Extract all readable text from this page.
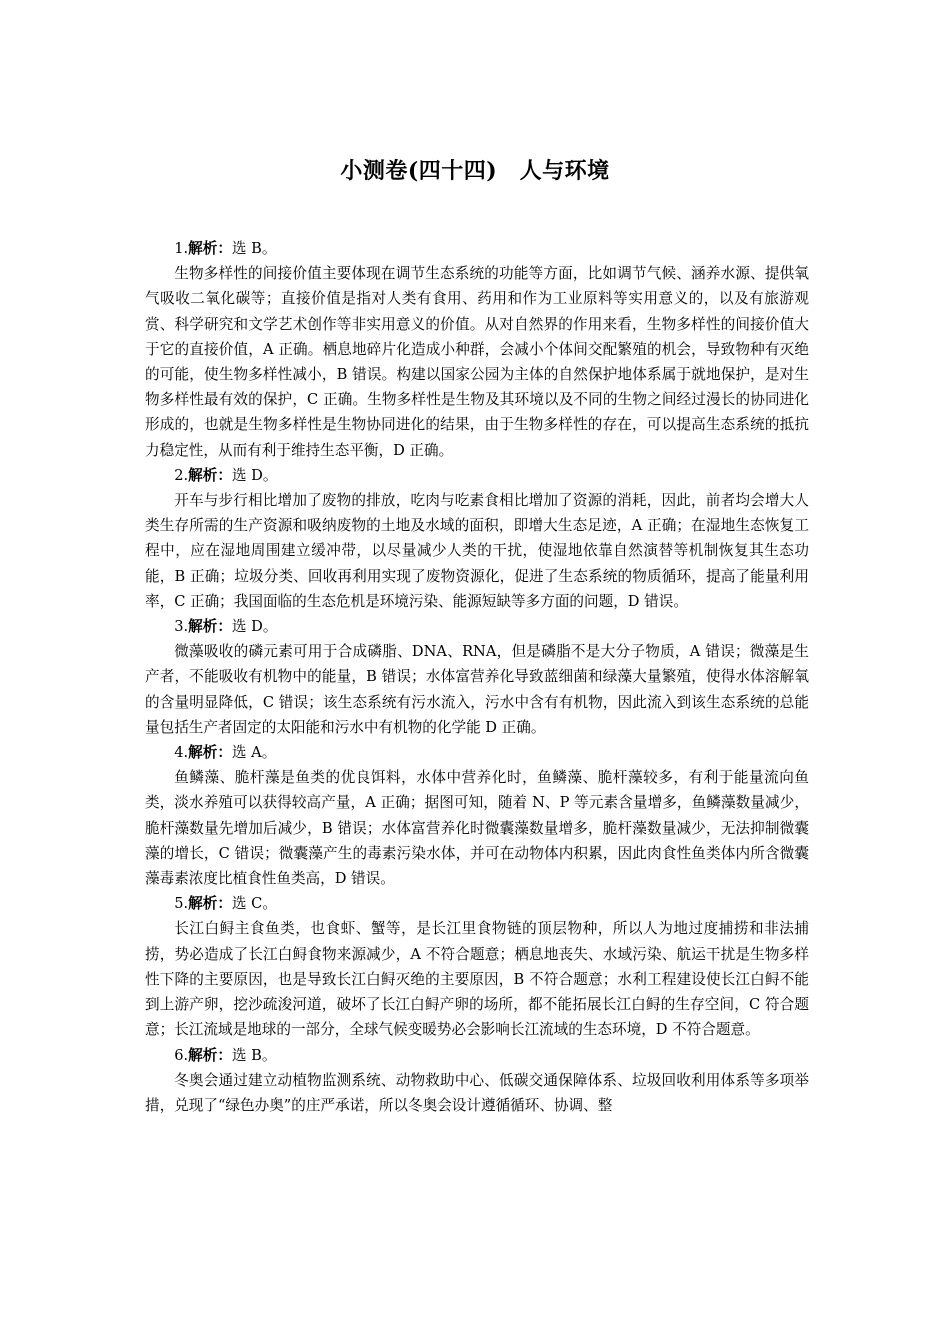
小测卷(四十四)　人与环境

1.解析：选 B。

生物多样性的间接价值主要体现在调节生态系统的功能等方面，比如调节气候、涵养水源、提供氧气吸收二氧化碳等；直接价值是指对人类有食用、药用和作为工业原料等实用意义的，以及有旅游观赏、科学研究和文学艺术创作等非实用意义的价值。从对自然界的作用来看，生物多样性的间接价值大于它的直接价值，A 正确。栖息地碎片化造成小种群，会减小个体间交配繁殖的机会，导致物种有灭绝的可能，使生物多样性减小，B 错误。构建以国家公园为主体的自然保护地体系属于就地保护，是对生物多样性最有效的保护，C 正确。生物多样性是生物及其环境以及不同的生物之间经过漫长的协同进化形成的，也就是生物多样性是生物协同进化的结果，由于生物多样性的存在，可以提高生态系统的抵抗力稳定性，从而有利于维持生态平衡，D 正确。

2.解析：选 D。

开车与步行相比增加了废物的排放，吃肉与吃素食相比增加了资源的消耗，因此，前者均会增大人类生存所需的生产资源和吸纳废物的土地及水域的面积，即增大生态足迹，A 正确；在湿地生态恢复工程中，应在湿地周围建立缓冲带，以尽量减少人类的干扰，使湿地依靠自然演替等机制恢复其生态功能，B 正确；垃圾分类、回收再利用实现了废物资源化，促进了生态系统的物质循环，提高了能量利用率，C 正确；我国面临的生态危机是环境污染、能源短缺等多方面的问题，D 错误。

3.解析：选 D。

微藻吸收的磷元素可用于合成磷脂、DNA、RNA，但是磷脂不是大分子物质，A 错误；微藻是生产者，不能吸收有机物中的能量，B 错误；水体富营养化导致蓝细菌和绿藻大量繁殖，使得水体溶解氧的含量明显降低，C 错误；该生态系统有污水流入，污水中含有有机物，因此流入到该生态系统的总能量包括生产者固定的太阳能和污水中有机物的化学能 D 正确。

4.解析：选 A。

鱼鳞藻、脆杆藻是鱼类的优良饵料，水体中营养化时，鱼鳞藻、脆杆藻较多，有利于能量流向鱼类，淡水养殖可以获得较高产量，A 正确；据图可知，随着 N、P 等元素含量增多，鱼鳞藻数量减少，脆杆藻数量先增加后减少，B 错误；水体富营养化时微囊藻数量增多，脆杆藻数量减少，无法抑制微囊藻的增长，C 错误；微囊藻产生的毒素污染水体，并可在动物体内积累，因此肉食性鱼类体内所含微囊藻毒素浓度比植食性鱼类高，D 错误。

5.解析：选 C。

长江白鲟主食鱼类，也食虾、蟹等，是长江里食物链的顶层物种，所以人为地过度捕捞和非法捕捞，势必造成了长江白鲟食物来源减少，A 不符合题意；栖息地丧失、水域污染、航运干扰是生物多样性下降的主要原因，也是导致长江白鲟灭绝的主要原因，B 不符合题意；水利工程建设使长江白鲟不能到上游产卵，挖沙疏浚河道，破坏了长江白鲟产卵的场所，都不能拓展长江白鲟的生存空间，C 符合题意；长江流域是地球的一部分，全球气候变暖势必会影响长江流域的生态环境，D 不符合题意。

6.解析：选 B。

冬奥会通过建立动植物监测系统、动物救助中心、低碳交通保障体系、垃圾回收利用体系等多项举措，兑现了“绿色办奥”的庄严承诺，所以冬奥会设计遵循循环、协调、整
